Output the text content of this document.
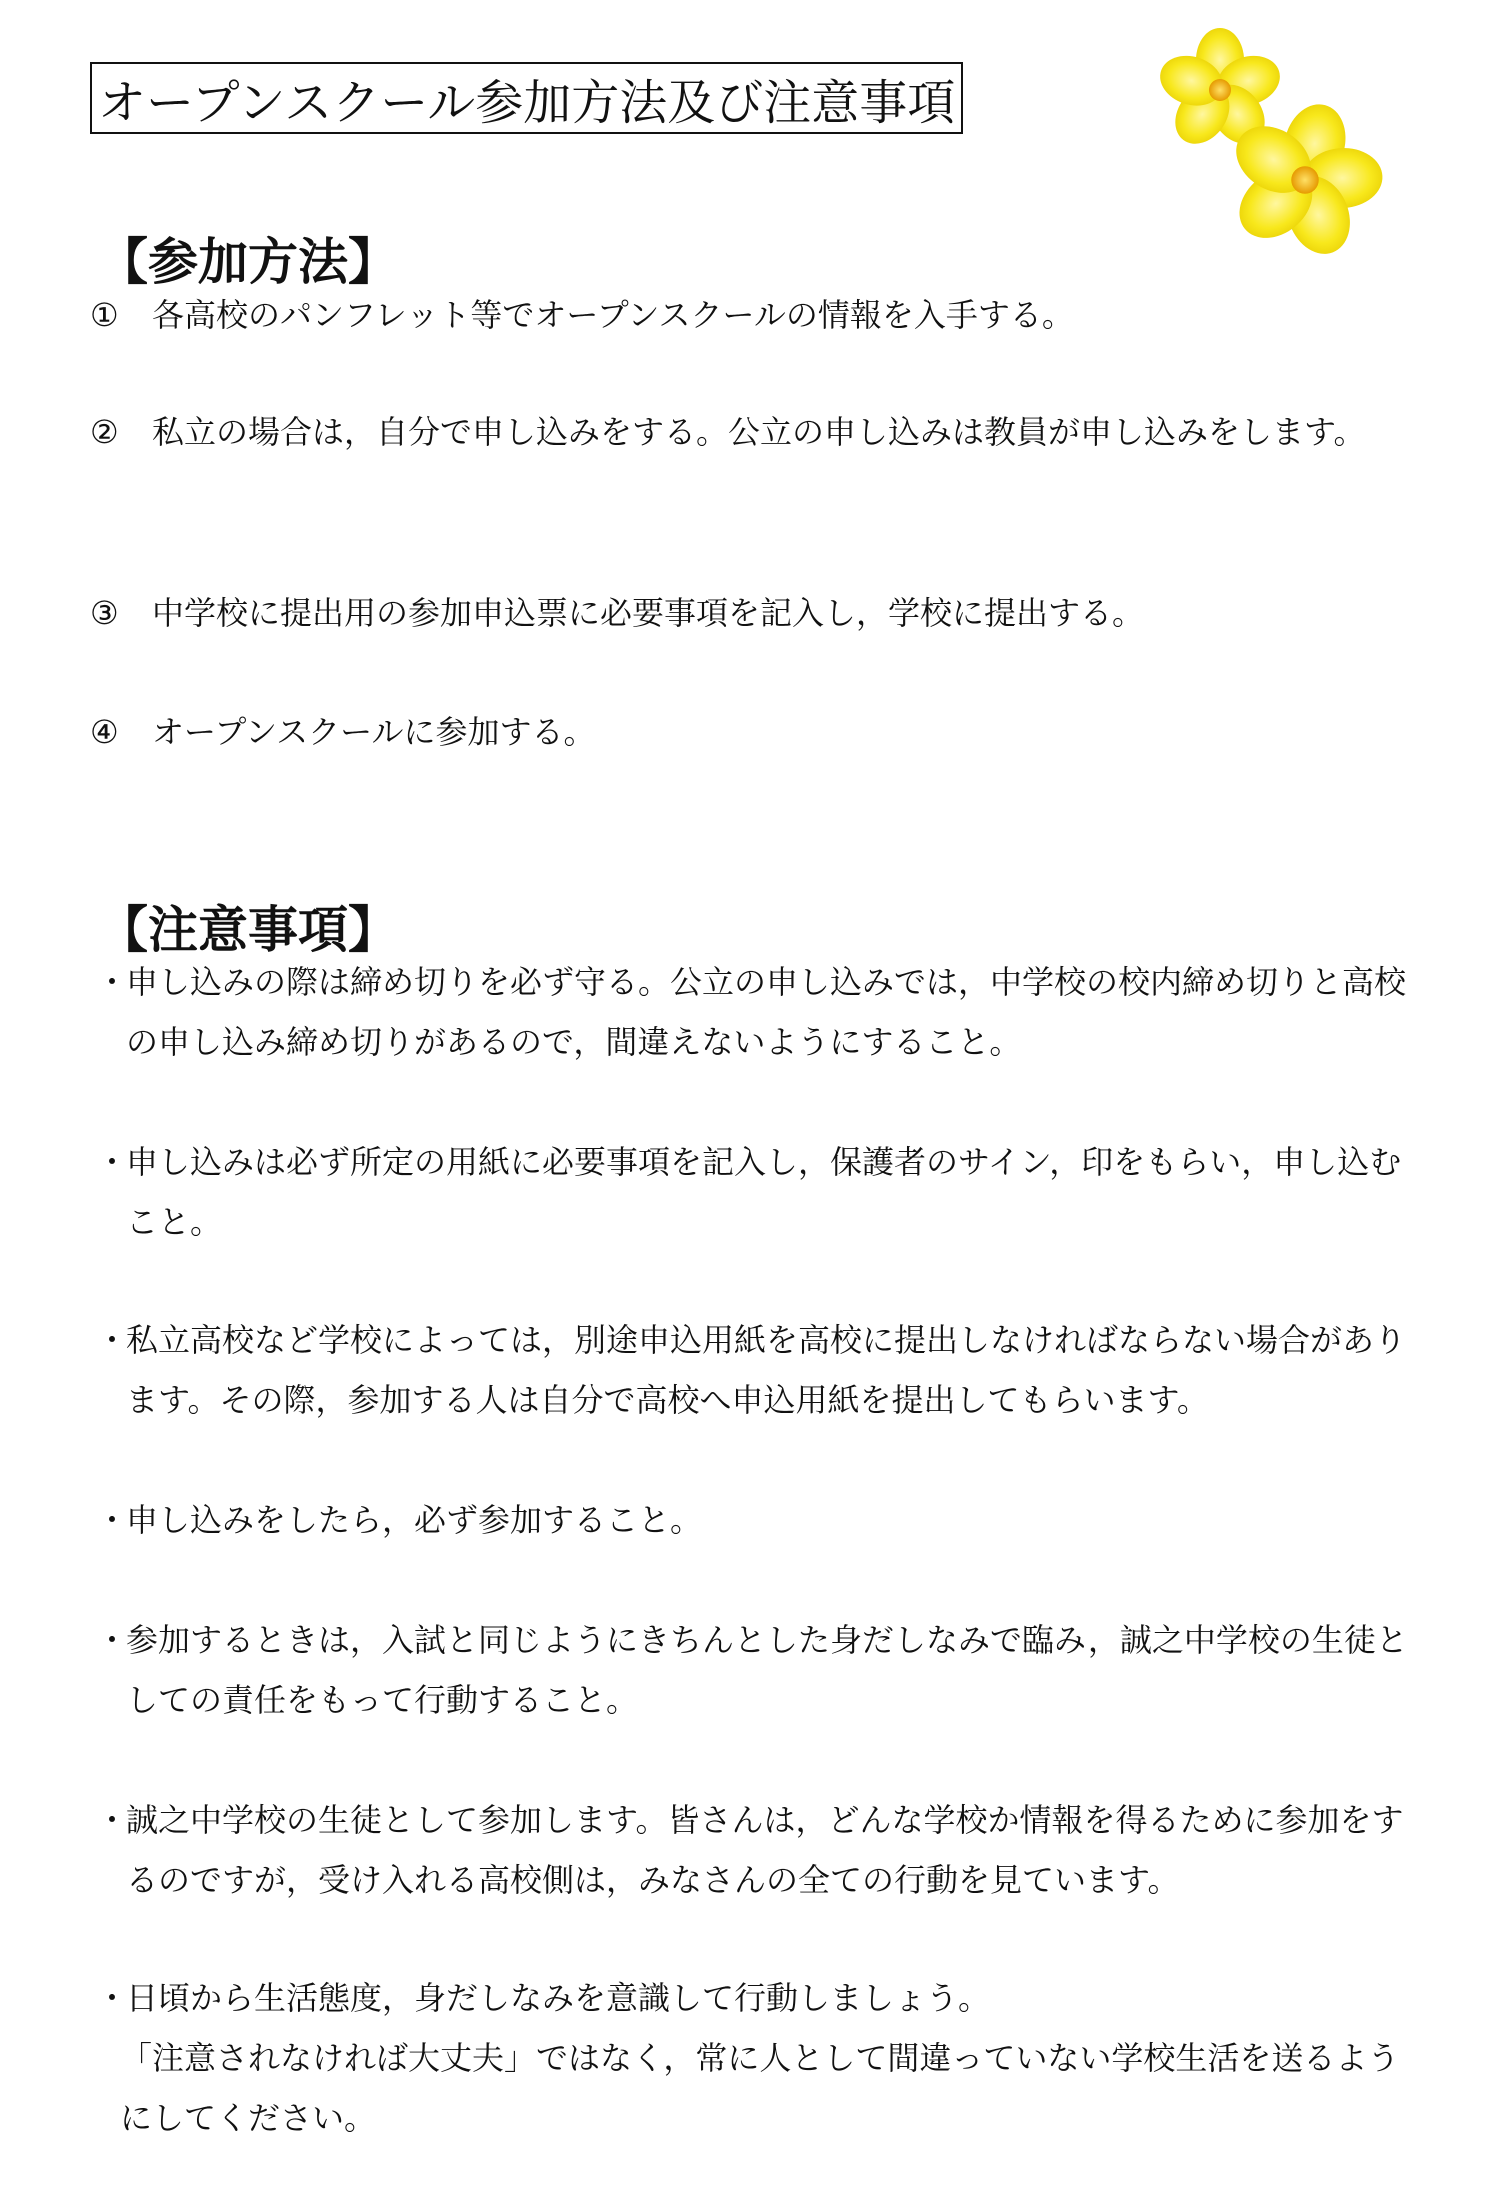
オープンスクール参加方法及び注意事項
【参加方法】
①	各高校のパンフレット等でオープンスクールの情報を入手する。
②	私立の場合は，自分で申し込みをする。公立の申し込みは教員が申し込みをします。
③	中学校に提出用の参加申込票に必要事項を記入し，学校に提出する。
④	オープンスクールに参加する。
【注意事項】
・
申し込みの際は締め切りを必ず守る。公立の申し込みでは，中学校の校内締め切りと高校の申し込み締め切りがあるので，間違えないようにすること。
・
申し込みは必ず所定の用紙に必要事項を記入し，保護者のサイン，印をもらい，申し込むこと。
・
私立高校など学校によっては，別途申込用紙を高校に提出しなければならない場合があります。その際，参加する人は自分で高校へ申込用紙を提出してもらいます。
・
申し込みをしたら，必ず参加すること。
・
参加するときは，入試と同じようにきちんとした身だしなみで臨み，誠之中学校の生徒としての責任をもって行動すること。
・
誠之中学校の生徒として参加します。皆さんは，どんな学校か情報を得るために参加をするのですが，受け入れる高校側は，みなさんの全ての行動を見ています。
・
日頃から生活態度，身だしなみを意識して行動しましょう。
「注意されなければ大丈夫」ではなく，常に人として間違っていない学校生活を送るようにしてください。
